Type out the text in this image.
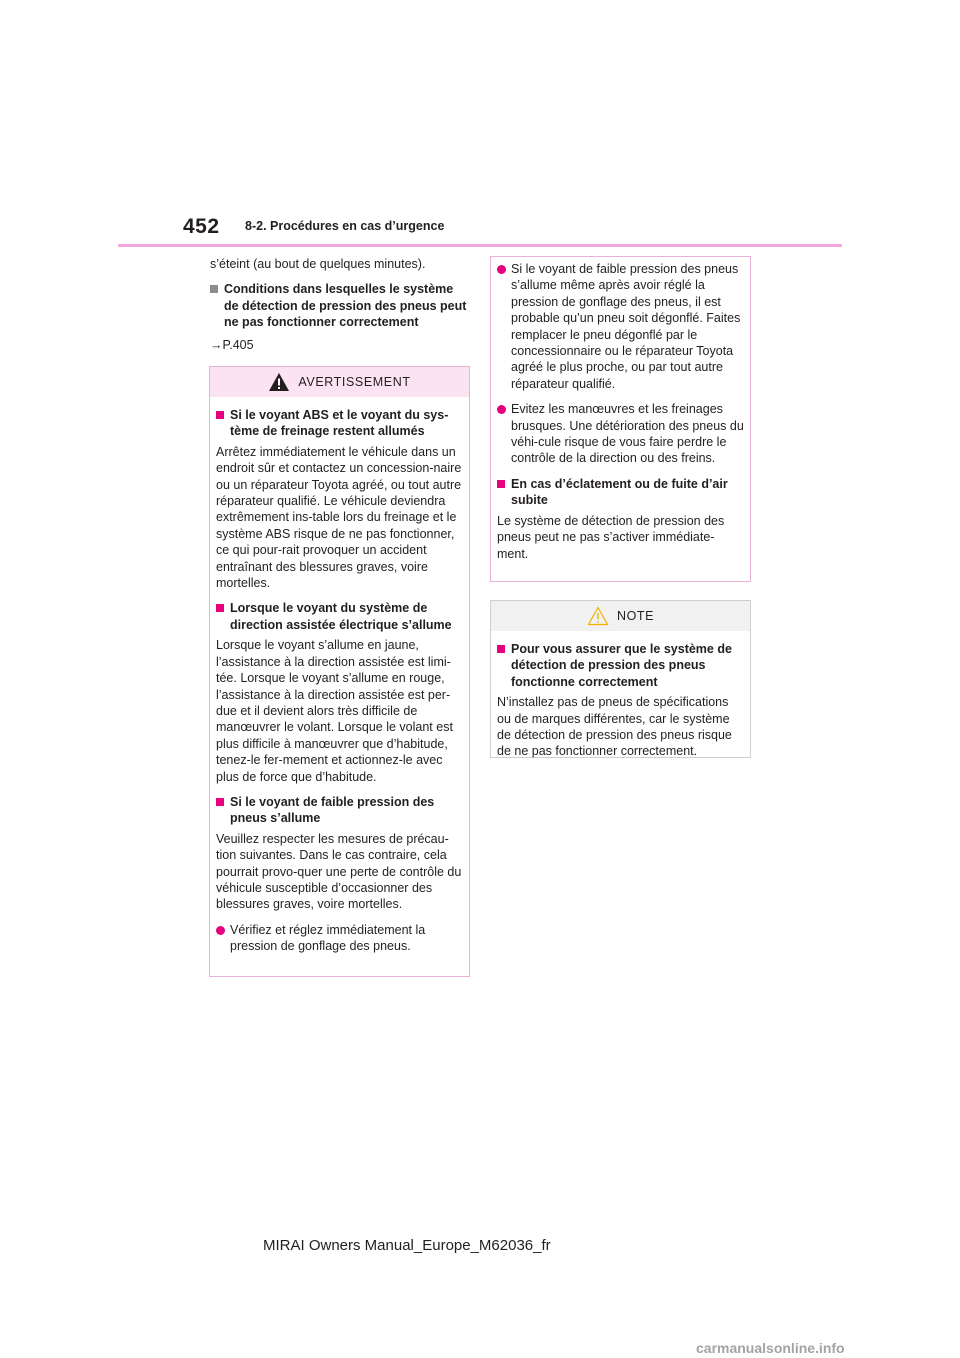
452 8-2. Procédures en cas d’urgence

s’éteint (au bout de quelques minutes).

Conditions dans lesquelles le système de détection de pression des pneus peut ne pas fonctionner correctement

→P.405

AVERTISSEMENT
Si le voyant ABS et le voyant du sys-tème de freinage restent allumés

Arrêtez immédiatement le véhicule dans un endroit sûr et contactez un concession-naire ou un réparateur Toyota agréé, ou tout autre réparateur qualifié. Le véhicule deviendra extrêmement ins-table lors du freinage et le système ABS risque de ne pas fonctionner, ce qui pour-rait provoquer un accident entraînant des blessures graves, voire mortelles.

Lorsque le voyant du système de direction assistée électrique s’allume

Lorsque le voyant s’allume en jaune, l’assistance à la direction assistée est limi-tée. Lorsque le voyant s’allume en rouge, l’assistance à la direction assistée est per-due et il devient alors très difficile de manœuvrer le volant. Lorsque le volant est plus difficile à manœuvrer que d’habitude, tenez-le fer-mement et actionnez-le avec plus de force que d’habitude.

Si le voyant de faible pression des pneus s’allume

Veuillez respecter les mesures de précau-tion suivantes. Dans le cas contraire, cela pourrait provo-quer une perte de contrôle du véhicule susceptible d’occasionner des blessures graves, voire mortelles.

Vérifiez et réglez immédiatement la pression de gonflage des pneus.
Si le voyant de faible pression des pneus s’allume même après avoir réglé la pression de gonflage des pneus, il est probable qu’un pneu soit dégonflé. Faites remplacer le pneu dégonflé par le concessionnaire ou le réparateur Toyota agréé le plus proche, ou par tout autre réparateur qualifié.
Evitez les manœuvres et les freinages brusques. Une détérioration des pneus du véhi-cule risque de vous faire perdre le contrôle de la direction ou des freins.
En cas d’éclatement ou de fuite d’air subite

Le système de détection de pression des pneus peut ne pas s’activer immédiate-ment.

NOTE
Pour vous assurer que le système de détection de pression des pneus fonctionne correctement

N’installez pas de pneus de spécifications ou de marques différentes, car le système de détection de pression des pneus risque de ne pas fonctionner correctement.

MIRAI Owners Manual_Europe_M62036_fr
carmanualsonline.info
